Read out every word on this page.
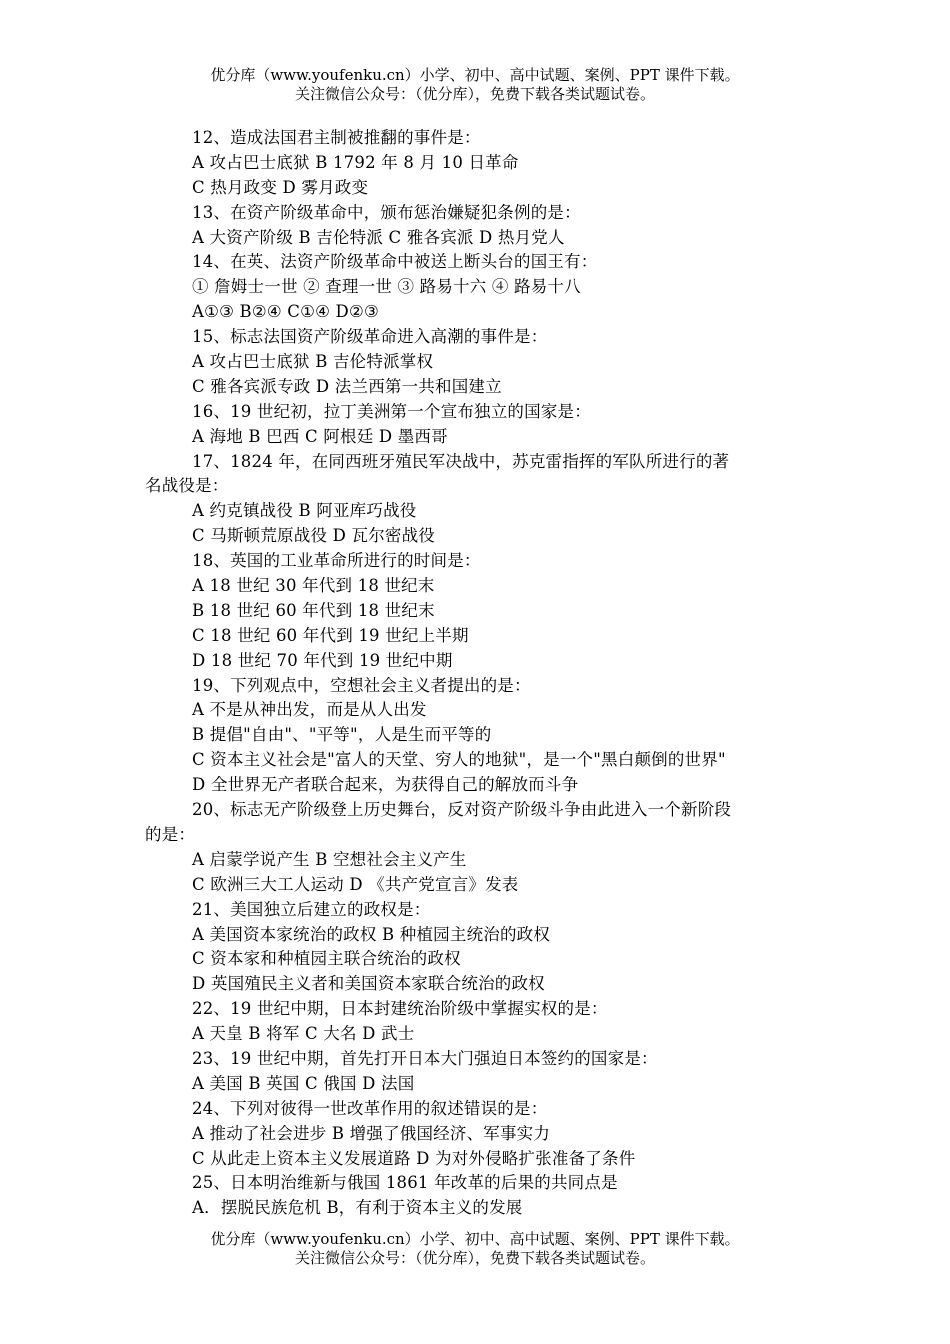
优分库（www.youfenku.cn）小学、初中、高中试题、案例、PPT 课件下载。
关注微信公众号：（优分库），免费下载各类试题试卷。
12、造成法国君主制被推翻的事件是：
A 攻占巴士底狱 B 1792 年 8 月 10 日革命
C 热月政变 D 雾月政变
13、在资产阶级革命中，颁布惩治嫌疑犯条例的是：
A 大资产阶级 B 吉伦特派 C 雅各宾派 D 热月党人
14、在英、法资产阶级革命中被送上断头台的国王有：
① 詹姆士一世 ② 查理一世 ③ 路易十六 ④ 路易十八
A①③ B②④ C①④ D②③
15、标志法国资产阶级革命进入高潮的事件是：
A 攻占巴士底狱 B 吉伦特派掌权
C 雅各宾派专政 D 法兰西第一共和国建立
16、19 世纪初，拉丁美洲第一个宣布独立的国家是：
A 海地 B 巴西 C 阿根廷 D 墨西哥
17、1824 年，在同西班牙殖民军决战中，苏克雷指挥的军队所进行的著
名战役是：
A 约克镇战役 B 阿亚库巧战役
C 马斯顿荒原战役 D 瓦尔密战役
18、英国的工业革命所进行的时间是：
A 18 世纪 30 年代到 18 世纪末
B 18 世纪 60 年代到 18 世纪末
C 18 世纪 60 年代到 19 世纪上半期
D 18 世纪 70 年代到 19 世纪中期
19、下列观点中，空想社会主义者提出的是：
A 不是从神出发，而是从人出发
B 提倡"自由"、"平等"，人是生而平等的
C 资本主义社会是"富人的天堂、穷人的地狱"，是一个"黑白颠倒的世界"
D 全世界无产者联合起来，为获得自己的解放而斗争
20、标志无产阶级登上历史舞台，反对资产阶级斗争由此进入一个新阶段
的是：
A 启蒙学说产生 B 空想社会主义产生
C 欧洲三大工人运动 D 《共产党宣言》发表
21、美国独立后建立的政权是：
A 美国资本家统治的政权 B 种植园主统治的政权
C 资本家和种植园主联合统治的政权
D 英国殖民主义者和美国资本家联合统治的政权
22、19 世纪中期，日本封建统治阶级中掌握实权的是：
A 天皇 B 将军 C 大名 D 武士
23、19 世纪中期，首先打开日本大门强迫日本签约的国家是：
A 美国 B 英国 C 俄国 D 法国
24、下列对彼得一世改革作用的叙述错误的是：
A 推动了社会进步 B 增强了俄国经济、军事实力
C 从此走上资本主义发展道路 D 为对外侵略扩张准备了条件
25、日本明治维新与俄国 1861 年改革的后果的共同点是
A．摆脱民族危机 B，有利于资本主义的发展
优分库（www.youfenku.cn）小学、初中、高中试题、案例、PPT 课件下载。
关注微信公众号：（优分库），免费下载各类试题试卷。
